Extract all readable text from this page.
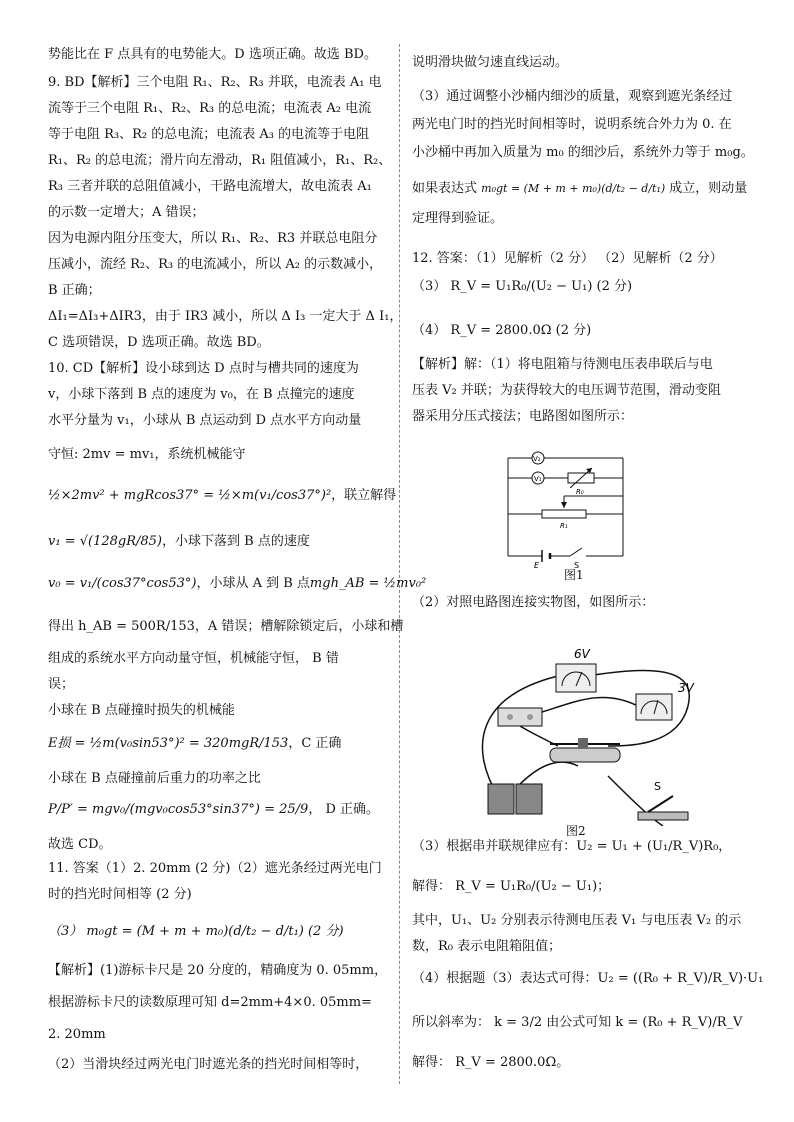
势能比在 F 点具有的电势能大。D 选项正确。故选 BD。
9. BD【解析】三个电阻 R₁、R₂、R₃ 并联，电流表 A₁ 电
流等于三个电阻 R₁、R₂、R₃ 的总电流；电流表 A₂ 电流
等于电阻 R₃、R₂ 的总电流；电流表 A₃ 的电流等于电阻
R₁、R₂ 的总电流；滑片向左滑动，R₁ 阻值减小，R₁、R₂、
R₃ 三者并联的总阻值减小，干路电流增大，故电流表 A₁
的示数一定增大；A 错误；
因为电源内阻分压变大，所以 R₁、R₂、R3 并联总电阻分
压减小，流经 R₂、R₃ 的电流减小，所以 A₂ 的示数减小，
B 正确；
ΔI₁=ΔI₃+ΔIR3，由于 IR3 减小，所以 Δ I₃ 一定大于 Δ I₁，
C 选项错误，D 选项正确。故选 BD。
10. CD【解析】设小球到达 D 点时与槽共同的速度为
v，小球下落到 B 点的速度为 v₀，在 B 点撞完的速度
水平分量为 v₁，小球从 B 点运动到 D 点水平方向动量
守恒: 2mv = mv₁，系统机械能守
½×2mv² + mgRcos37° = ½×m(v₁/cos37°)²，联立解得
v₁ = √(128gR/85)，小球下落到 B 点的速度
v₀ = v₁/(cos37°cos53°)，小球从 A 到 B 点mgh_AB = ½mv₀²
得出 h_AB = 500R/153，A 错误；槽解除锁定后，小球和槽
组成的系统水平方向动量守恒，机械能守恒， B 错
误；
小球在 B 点碰撞时损失的机械能
E损 = ½m(v₀sin53°)² = 320mgR/153，C 正确
小球在 B 点碰撞前后重力的功率之比
P/P′ = mgv₀/(mgv₀cos53°sin37°) = 25/9， D 正确。
故选 CD。
11. 答案（1）2. 20mm (2 分)（2）遮光条经过两光电门
时的挡光时间相等 (2 分)
（3） m₀gt = (M + m + m₀)(d/t₂ − d/t₁) (2 分)
【解析】(1)游标卡尺是 20 分度的，精确度为 0. 05mm，
根据游标卡尺的读数原理可知 d=2mm+4×0. 05mm=
2. 20mm
（2）当滑块经过两光电门时遮光条的挡光时间相等时，
说明滑块做匀速直线运动。
（3）通过调整小沙桶内细沙的质量，观察到遮光条经过
两光电门时的挡光时间相等时，说明系统合外力为 0. 在
小沙桶中再加入质量为 m₀ 的细沙后，系统外力等于 m₀g。
如果表达式 m₀gt = (M + m + m₀)(d/t₂ − d/t₁) 成立，则动量
定理得到验证。
12. 答案：（1）见解析（2 分） （2）见解析（2 分）
（3） R_V = U₁R₀/(U₂ − U₁) (2 分)
（4） R_V = 2800.0Ω (2 分)
【解析】解：（1）将电阻箱与待测电压表串联后与电
压表 V₂ 并联；为获得较大的电压调节范围，滑动变阻
器采用分压式接法；电路图如图所示：
V₂
V₁
R₀
R₁
E	S
图1
（2）对照电路图连接实物图，如图所示：
6V
3V
S
图2
（3）根据串并联规律应有：U₂ = U₁ + (U₁/R_V)R₀，
解得： R_V = U₁R₀/(U₂ − U₁)；
其中，U₁、U₂ 分别表示待测电压表 V₁ 与电压表 V₂ 的示
数，R₀ 表示电阻箱阻值；
（4）根据题（3）表达式可得：U₂ = ((R₀ + R_V)/R_V)·U₁
所以斜率为： k = 3/2 由公式可知 k = (R₀ + R_V)/R_V
解得： R_V = 2800.0Ω。
